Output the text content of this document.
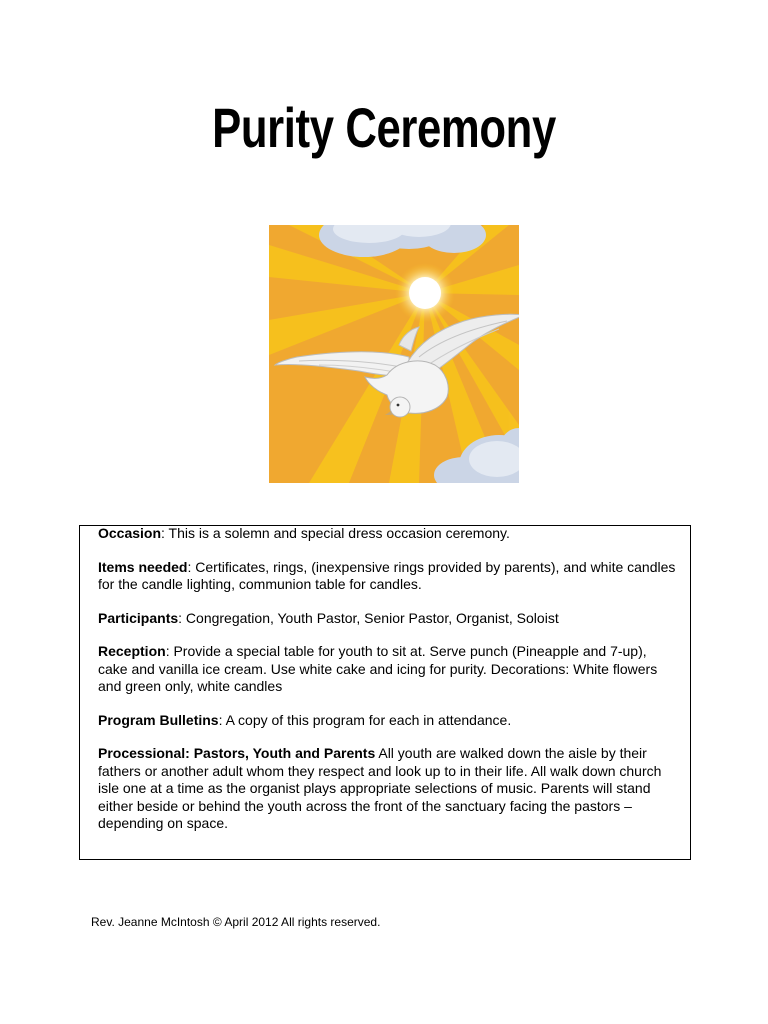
Purity Ceremony

Occasion: This is a solemn and special dress occasion ceremony.

Items needed: Certificates, rings, (inexpensive rings provided by parents), and white candles for the candle lighting, communion table for candles.

Participants: Congregation, Youth Pastor, Senior Pastor, Organist, Soloist

Reception: Provide a special table for youth to sit at. Serve punch (Pineapple and 7-up), cake and vanilla ice cream. Use white cake and icing for purity. Decorations: White flowers and green only, white candles

Program Bulletins: A copy of this program for each in attendance.

Processional: Pastors, Youth and Parents All youth are walked down the aisle by their fathers or another adult whom they respect and look up to in their life. All walk down church isle one at a time as the organist plays appropriate selections of music. Parents will stand either beside or behind the youth across the front of the sanctuary facing the pastors – depending on space.

Rev. Jeanne McIntosh © April 2012 All rights reserved.
